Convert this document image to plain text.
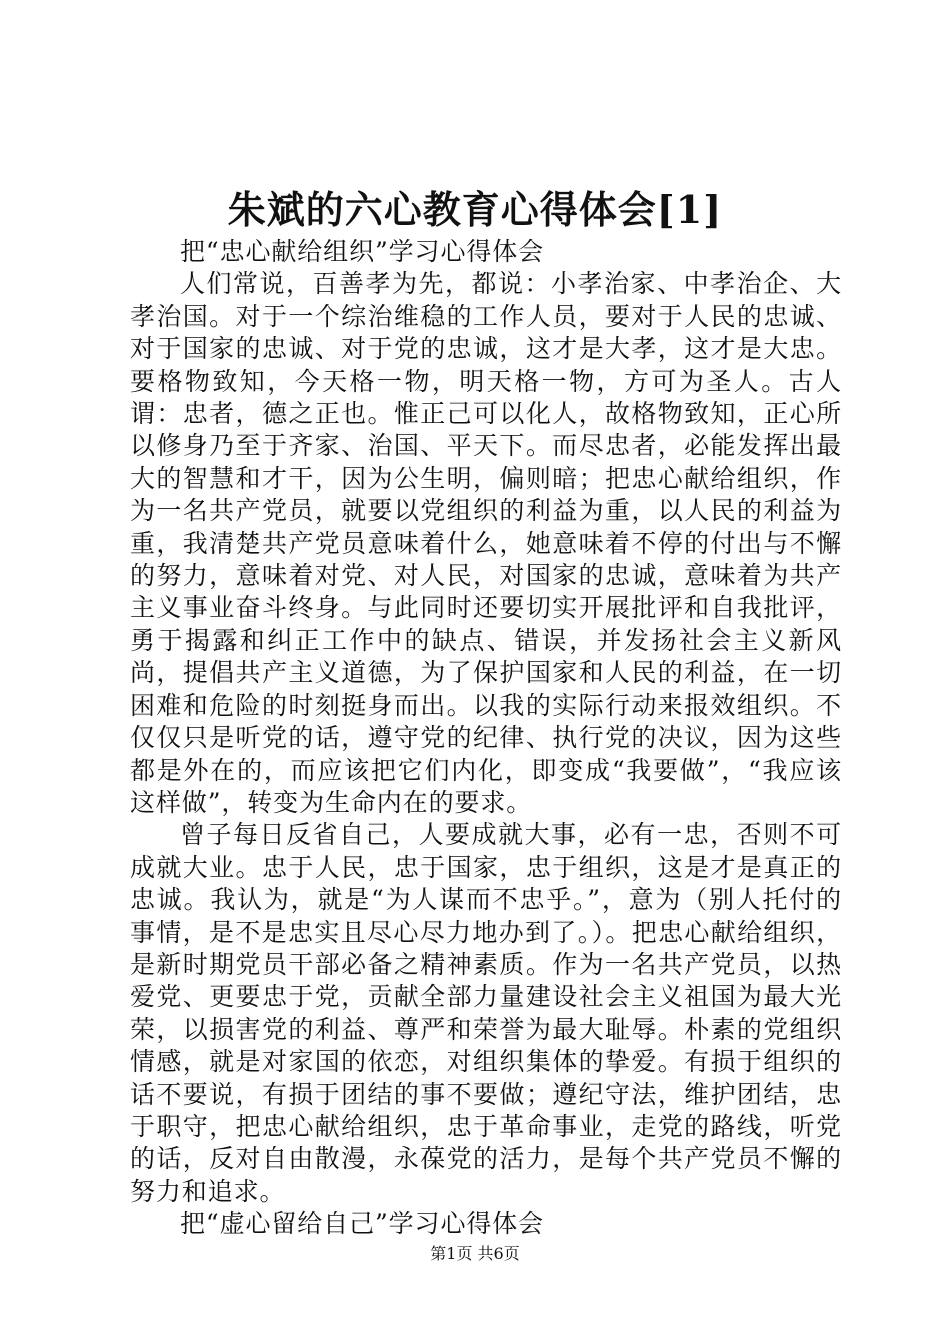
朱斌的六心教育心得体会[1]

把“忠心献给组织”学习心得体会

人们常说，百善孝为先，都说：小孝治家、中孝治企、大孝治国。对于一个综治维稳的工作人员，要对于人民的忠诚、对于国家的忠诚、对于党的忠诚，这才是大孝，这才是大忠。要格物致知，今天格一物，明天格一物，方可为圣人。古人谓：忠者，德之正也。惟正己可以化人，故格物致知，正心所以修身乃至于齐家、治国、平天下。而尽忠者，必能发挥出最大的智慧和才干，因为公生明，偏则暗；把忠心献给组织，作为一名共产党员，就要以党组织的利益为重，以人民的利益为重，我清楚共产党员意味着什么，她意味着不停的付出与不懈的努力，意味着对党、对人民，对国家的忠诚，意味着为共产主义事业奋斗终身。与此同时还要切实开展批评和自我批评，勇于揭露和纠正工作中的缺点、错误，并发扬社会主义新风尚，提倡共产主义道德，为了保护国家和人民的利益，在一切困难和危险的时刻挺身而出。以我的实际行动来报效组织。不仅仅只是听党的话，遵守党的纪律、执行党的决议，因为这些都是外在的，而应该把它们内化，即变成“我要做”，“我应该这样做”，转变为生命内在的要求。

曾子每日反省自己，人要成就大事，必有一忠，否则不可成就大业。忠于人民，忠于国家，忠于组织，这是才是真正的忠诚。我认为，就是“为人谋而不忠乎。”，意为（别人托付的事情，是不是忠实且尽心尽力地办到了。）。把忠心献给组织，是新时期党员干部必备之精神素质。作为一名共产党员，以热爱党、更要忠于党，贡献全部力量建设社会主义祖国为最大光荣，以损害党的利益、尊严和荣誉为最大耻辱。朴素的党组织情感，就是对家国的依恋，对组织集体的挚爱。有损于组织的话不要说，有损于团结的事不要做；遵纪守法，维护团结，忠于职守，把忠心献给组织，忠于革命事业，走党的路线，听党的话，反对自由散漫，永葆党的活力，是每个共产党员不懈的努力和追求。

把“虚心留给自己”学习心得体会

第1页 共6页
